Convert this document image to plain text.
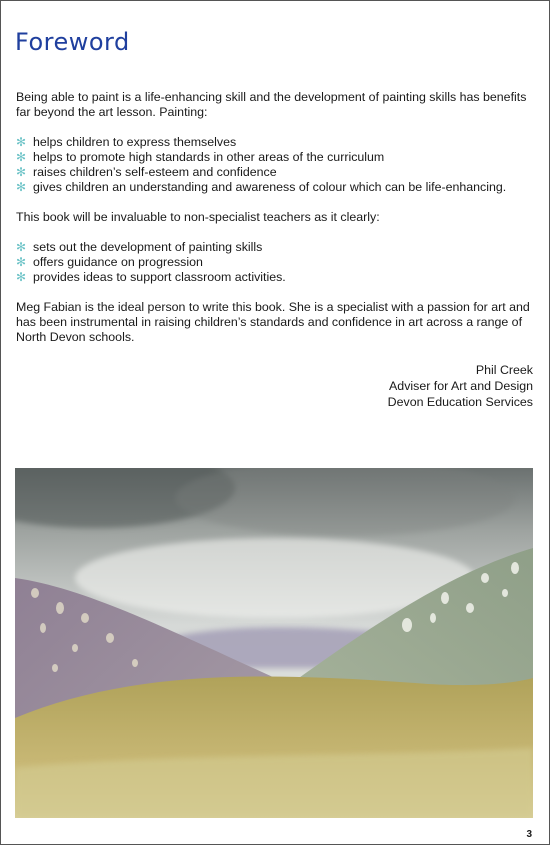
Foreword

Being able to paint is a life-enhancing skill and the development of painting skills has benefits far beyond the art lesson. Painting:

✻ helps children to express themselves
✻ helps to promote high standards in other areas of the curriculum
✻ raises children’s self-esteem and confidence
✻ gives children an understanding and awareness of colour which can be life-enhancing.

This book will be invaluable to non-specialist teachers as it clearly:

✻ sets out the development of painting skills
✻ offers guidance on progression
✻ provides ideas to support classroom activities.

Meg Fabian is the ideal person to write this book. She is a specialist with a passion for art and has been instrumental in raising children’s standards and confidence in art across a range of North Devon schools.

Phil Creek
Adviser for Art and Design
Devon Education Services
3
